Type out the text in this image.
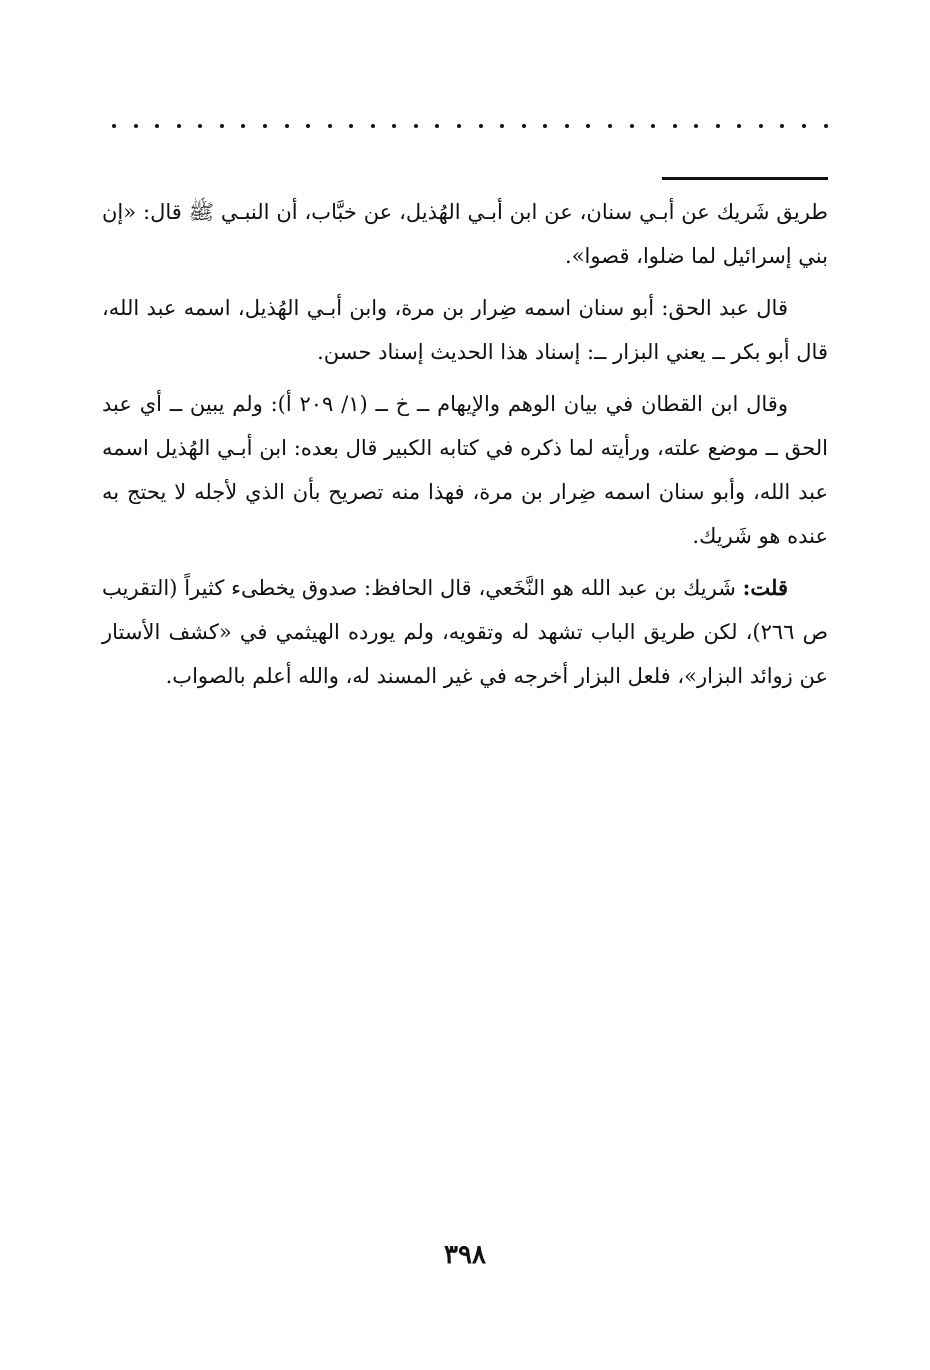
طريق شَريك عن أبـي سنان، عن ابن أبـي الهُذيل، عن خبَّاب، أن النبـي ﷺ قال: «إن بني إسرائيل لما ضلوا، قصوا».

قال عبد الحق: أبو سنان اسمه ضِرار بن مرة، وابن أبـي الهُذيل، اسمه عبد الله، قال أبو بكر ــ يعني البزار ــ: إسناد هذا الحديث إسناد حسن.

وقال ابن القطان في بيان الوهم والإيهام ــ خ ــ (١/ ٢٠٩ أ): ولم يبين ــ أي عبد الحق ــ موضع علته، ورأيته لما ذكره في كتابه الكبير قال بعده: ابن أبـي الهُذيل اسمه عبد الله، وأبو سنان اسمه ضِرار بن مرة، فهذا منه تصريح بأن الذي لأجله لا يحتج به عنده هو شَريك.

قلت: شَريك بن عبد الله هو النَّخَعي، قال الحافظ: صدوق يخطىء كثيراً (التقريب ص ٢٦٦)، لكن طريق الباب تشهد له وتقويه، ولم يورده الهيثمي في «كشف الأستار عن زوائد البزار»، فلعل البزار أخرجه في غير المسند له، والله أعلم بالصواب.

٣٩٨
